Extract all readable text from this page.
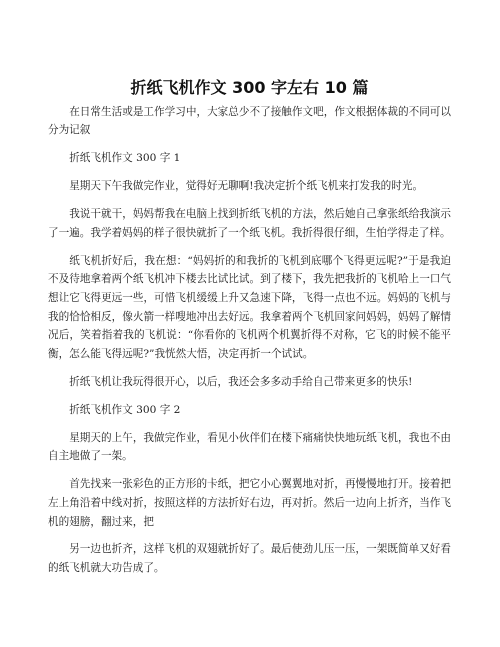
折纸飞机作文 300 字左右 10 篇

在日常生活或是工作学习中，大家总少不了接触作文吧，作文根据体裁的不同可以分为记叙

折纸飞机作文 300 字 1

星期天下午我做完作业，觉得好无聊啊!我决定折个纸飞机来打发我的时光。

我说干就干，妈妈帮我在电脑上找到折纸飞机的方法，然后她自己拿张纸给我演示了一遍。我学着妈妈的样子很快就折了一个纸飞机。我折得很仔细，生怕学得走了样。

纸飞机折好后，我在想：“妈妈折的和我折的飞机到底哪个飞得更远呢?”于是我迫不及待地拿着两个纸飞机冲下楼去比试比试。到了楼下，我先把我折的飞机哈上一口气想让它飞得更远一些，可惜飞机缓缓上升又急速下降，飞得一点也不远。妈妈的飞机与我的恰恰相反，像火箭一样嗖地冲出去好远。我拿着两个飞机回家问妈妈，妈妈了解情况后，笑着指着我的飞机说：“你看你的飞机两个机翼折得不对称，它飞的时候不能平衡，怎么能飞得远呢?”我恍然大悟，决定再折一个试试。

折纸飞机让我玩得很开心，以后，我还会多多动手给自己带来更多的快乐!

折纸飞机作文 300 字 2

星期天的上午，我做完作业，看见小伙伴们在楼下痛痛快快地玩纸飞机，我也不由自主地做了一架。

首先找来一张彩色的正方形的卡纸，把它小心翼翼地对折，再慢慢地打开。接着把左上角沿着中线对折，按照这样的方法折好右边，再对折。然后一边向上折齐，当作飞机的翅膀，翻过来，把

另一边也折齐，这样飞机的双翅就折好了。最后使劲儿压一压，一架既简单又好看的纸飞机就大功告成了。
